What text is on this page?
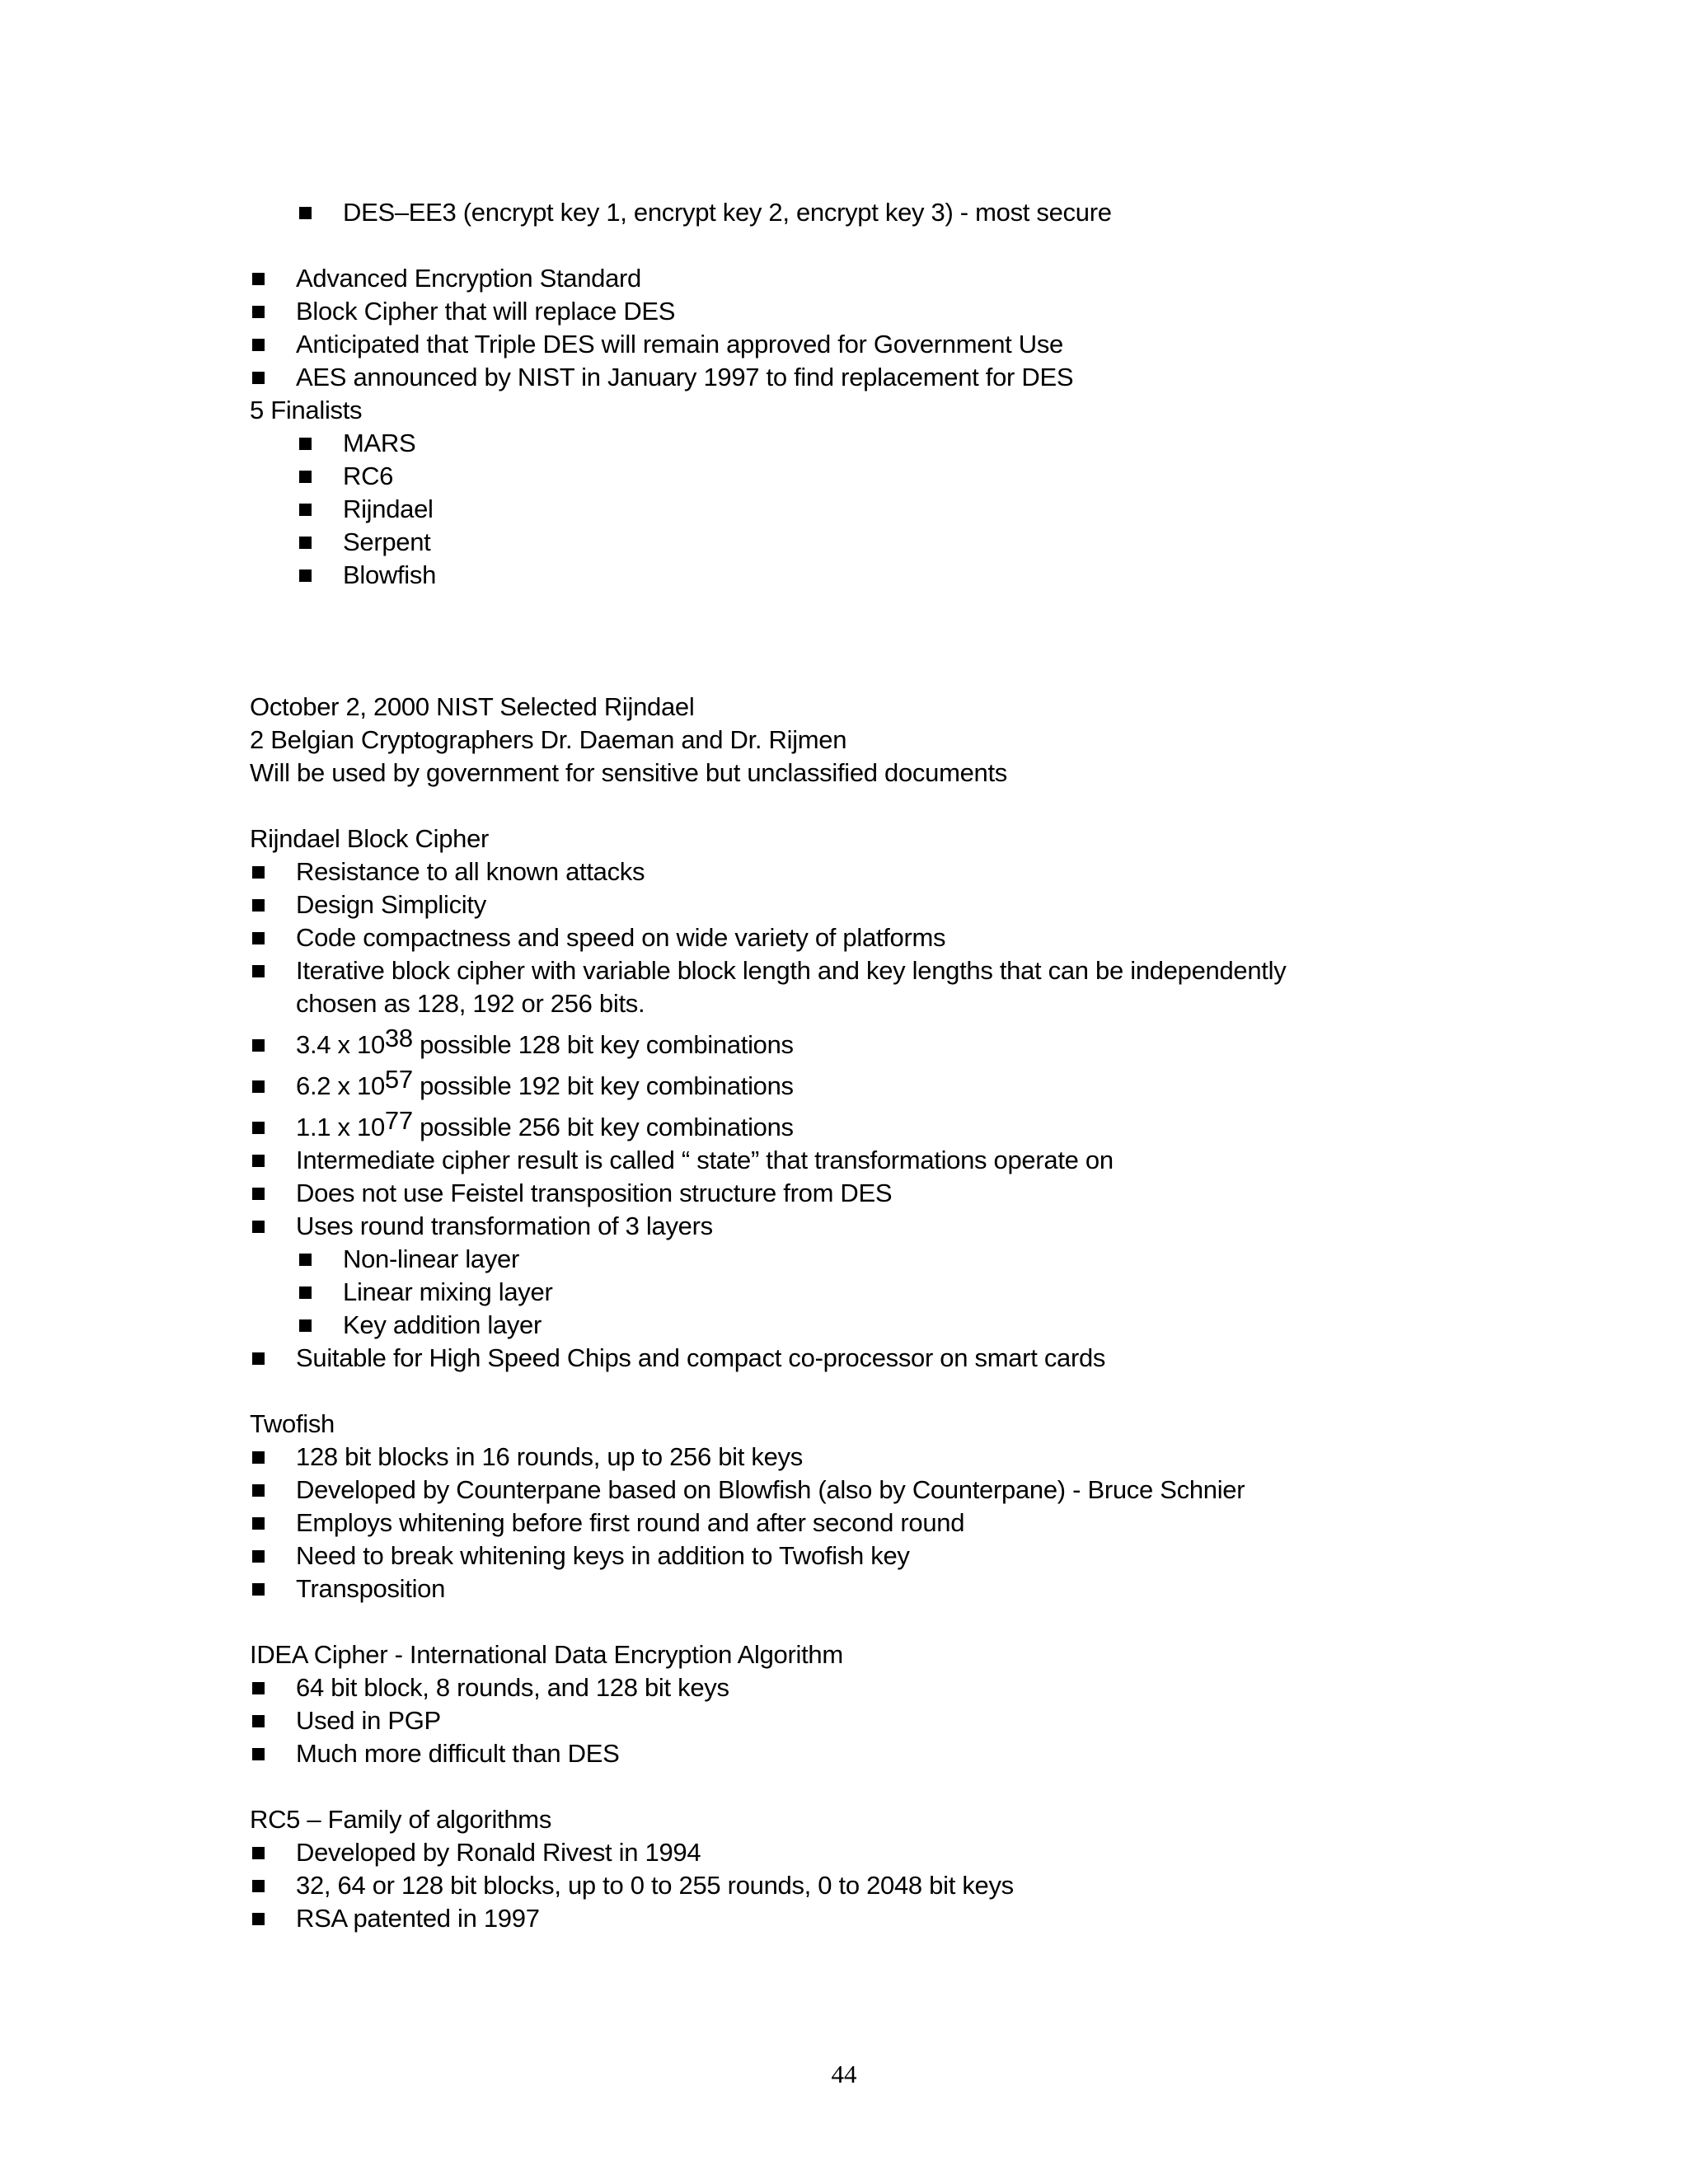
DES–EE3 (encrypt key 1, encrypt key 2, encrypt key 3) - most secure
Advanced Encryption Standard
Block Cipher that will replace DES
Anticipated that Triple DES will remain approved for Government Use
AES announced by NIST in January 1997 to find replacement for DES
5 Finalists
MARS
RC6
Rijndael
Serpent
Blowfish
October 2, 2000 NIST Selected Rijndael
2 Belgian Cryptographers Dr. Daeman and Dr. Rijmen
Will be used by government for sensitive but unclassified documents
Rijndael Block Cipher
Resistance to all known attacks
Design Simplicity
Code compactness and speed on wide variety of platforms
Iterative block cipher with variable block length and key lengths that can be independently
chosen as 128, 192 or 256 bits.
3.4 x $10^{38}$ possible 128 bit key combinations
6.2 x $10^{57}$ possible 192 bit key combinations
1.1 x $10^{77}$ possible 256 bit key combinations
Intermediate cipher result is called “ state” that transformations operate on
Does not use Feistel transposition structure from DES
Uses round transformation of 3 layers
Non-linear layer
Linear mixing layer
Key addition layer
Suitable for High Speed Chips and compact co-processor on smart cards
Twofish
128 bit blocks in 16 rounds, up to 256 bit keys
Developed by Counterpane based on Blowfish (also by Counterpane) - Bruce Schnier
Employs whitening before first round and after second round
Need to break whitening keys in addition to Twofish key
Transposition
IDEA Cipher - International Data Encryption Algorithm
64 bit block, 8 rounds, and 128 bit keys
Used in PGP
Much more difficult than DES
RC5 – Family of algorithms
Developed by Ronald Rivest in 1994
32, 64 or 128 bit blocks, up to 0 to 255 rounds, 0 to 2048 bit keys
RSA patented in 1997
44
